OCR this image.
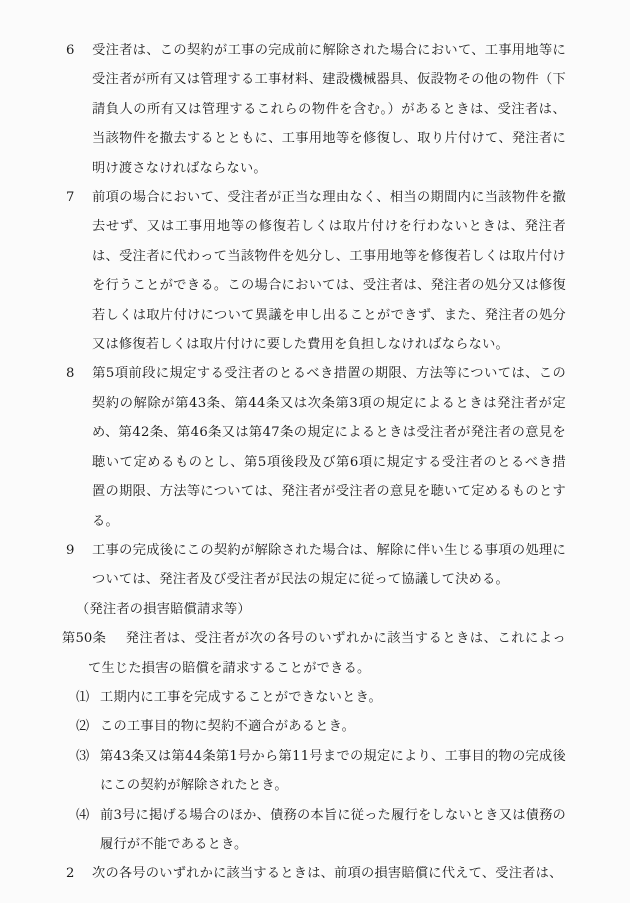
6 受注者は、この契約が工事の完成前に解除された場合において、工事用地等に受注者が所有又は管理する工事材料、建設機械器具、仮設物その他の物件（下請負人の所有又は管理するこれらの物件を含む。）があるときは、受注者は、当該物件を撤去するとともに、工事用地等を修復し、取り片付けて、発注者に明け渡さなければならない。

7 前項の場合において、受注者が正当な理由なく、相当の期間内に当該物件を撤去せず、又は工事用地等の修復若しくは取片付けを行わないときは、発注者は、受注者に代わって当該物件を処分し、工事用地等を修復若しくは取片付けを行うことができる。この場合においては、受注者は、発注者の処分又は修復若しくは取片付けについて異議を申し出ることができず、また、発注者の処分又は修復若しくは取片付けに要した費用を負担しなければならない。

8 第5項前段に規定する受注者のとるべき措置の期限、方法等については、この契約の解除が第43条、第44条又は次条第3項の規定によるときは発注者が定め、第42条、第46条又は第47条の規定によるときは受注者が発注者の意見を聴いて定めるものとし、第5項後段及び第6項に規定する受注者のとるべき措置の期限、方法等については、発注者が受注者の意見を聴いて定めるものとする。

9 工事の完成後にこの契約が解除された場合は、解除に伴い生じる事項の処理については、発注者及び受注者が民法の規定に従って協議して決める。

（発注者の損害賠償請求等）

第50条 発注者は、受注者が次の各号のいずれかに該当するときは、これによって生じた損害の賠償を請求することができる。

⑴ 工期内に工事を完成することができないとき。

⑵ この工事目的物に契約不適合があるとき。

⑶ 第43条又は第44条第1号から第11号までの規定により、工事目的物の完成後にこの契約が解除されたとき。

⑷ 前3号に掲げる場合のほか、債務の本旨に従った履行をしないとき又は債務の履行が不能であるとき。

2 次の各号のいずれかに該当するときは、前項の損害賠償に代えて、受注者は、
